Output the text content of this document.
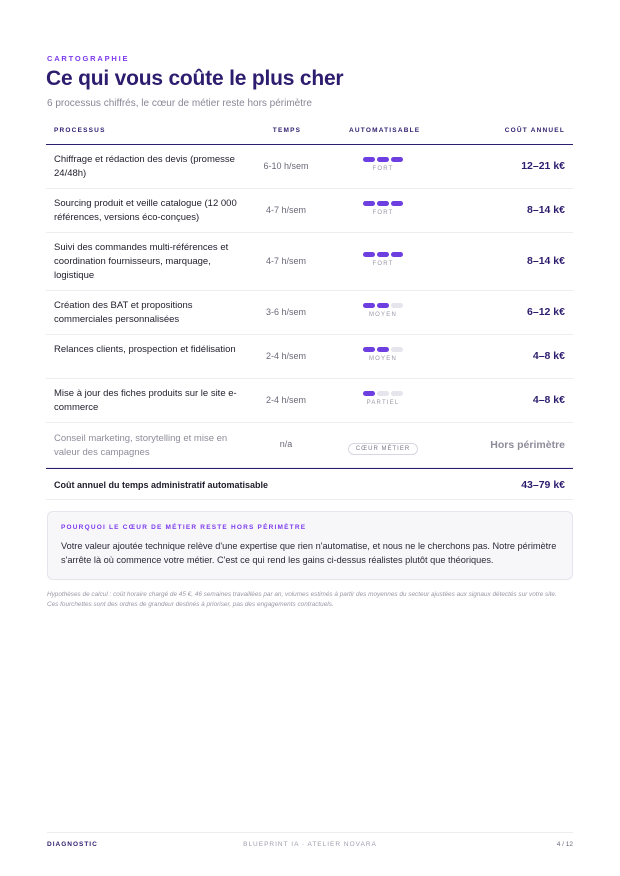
CARTOGRAPHIE
Ce qui vous coûte le plus cher
6 processus chiffrés, le cœur de métier reste hors périmètre
PROCESSUS	TEMPS	AUTOMATISABLE	COÛT ANNUEL
Chiffrage et rédaction des devis (promesse 24/48h)
6-10 h/sem	FORT	12–21 k€
Sourcing produit et veille catalogue (12 000 références, versions éco-conçues)
4-7 h/sem	FORT	8–14 k€
Suivi des commandes multi-références et coordination fournisseurs, marquage, logistique
4-7 h/sem	FORT	8–14 k€
Création des BAT et propositions commerciales personnalisées
3-6 h/sem	MOYEN	6–12 k€
Relances clients, prospection et fidélisation
2-4 h/sem	MOYEN	4–8 k€
Mise à jour des fiches produits sur le site e-commerce
2-4 h/sem	PARTIEL	4–8 k€
Conseil marketing, storytelling et mise en valeur des campagnes
n/a	CŒUR MÉTIER	Hors périmètre
Coût annuel du temps administratif automatisable	43–79 k€
POURQUOI LE CŒUR DE MÉTIER RESTE HORS PÉRIMÈTRE
Votre valeur ajoutée technique relève d'une expertise que rien n'automatise, et nous ne le cherchons pas. Notre périmètre s'arrête là où commence votre métier. C'est ce qui rend les gains ci-dessus réalistes plutôt que théoriques.
Hypothèses de calcul : coût horaire chargé de 45 €, 46 semaines travaillées par an, volumes estimés à partir des moyennes du secteur ajustées aux signaux détectés sur votre site. Ces fourchettes sont des ordres de grandeur destinés à prioriser, pas des engagements contractuels.
DIAGNOSTIC	BLUEPRINT IA · ATELIER NOVARA	4 / 12
